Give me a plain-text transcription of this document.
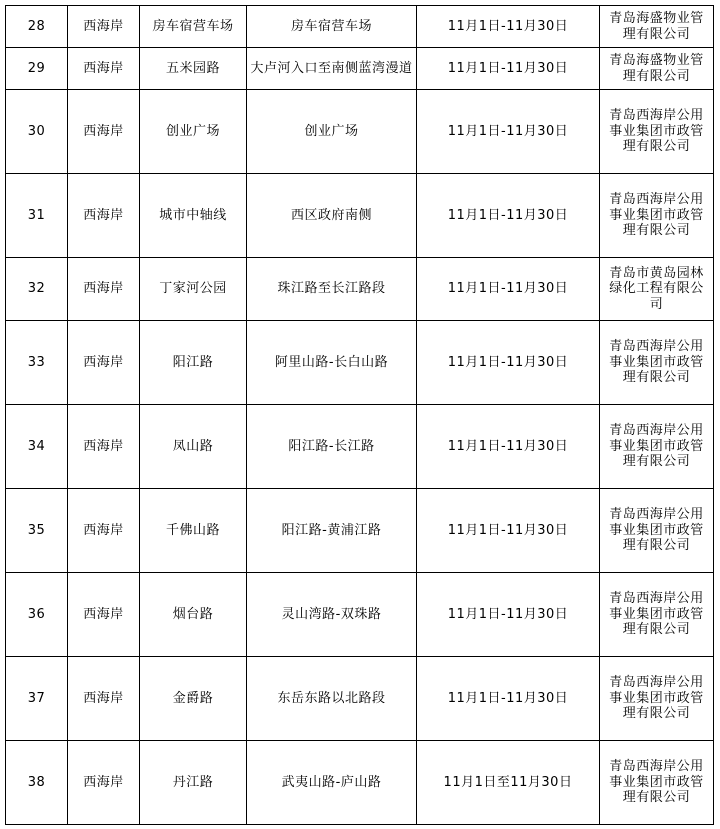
28	西海岸	房车宿营车场	房车宿营车场	11月1日-11月30日	青岛海盛物业管理有限公司
29	西海岸	五米园路	大卢河入口至南侧蓝湾漫道	11月1日-11月30日	青岛海盛物业管理有限公司
30	西海岸	创业广场	创业广场	11月1日-11月30日	青岛西海岸公用事业集团市政管理有限公司
31	西海岸	城市中轴线	西区政府南侧	11月1日-11月30日	青岛西海岸公用事业集团市政管理有限公司
32	西海岸	丁家河公园	珠江路至长江路段	11月1日-11月30日	青岛市黄岛园林绿化工程有限公司
33	西海岸	阳江路	阿里山路-长白山路	11月1日-11月30日	青岛西海岸公用事业集团市政管理有限公司
34	西海岸	凤山路	阳江路-长江路	11月1日-11月30日	青岛西海岸公用事业集团市政管理有限公司
35	西海岸	千佛山路	阳江路-黄浦江路	11月1日-11月30日	青岛西海岸公用事业集团市政管理有限公司
36	西海岸	烟台路	灵山湾路-双珠路	11月1日-11月30日	青岛西海岸公用事业集团市政管理有限公司
37	西海岸	金爵路	东岳东路以北路段	11月1日-11月30日	青岛西海岸公用事业集团市政管理有限公司
38	西海岸	丹江路	武夷山路-庐山路	11月1日至11月30日	青岛西海岸公用事业集团市政管理有限公司
